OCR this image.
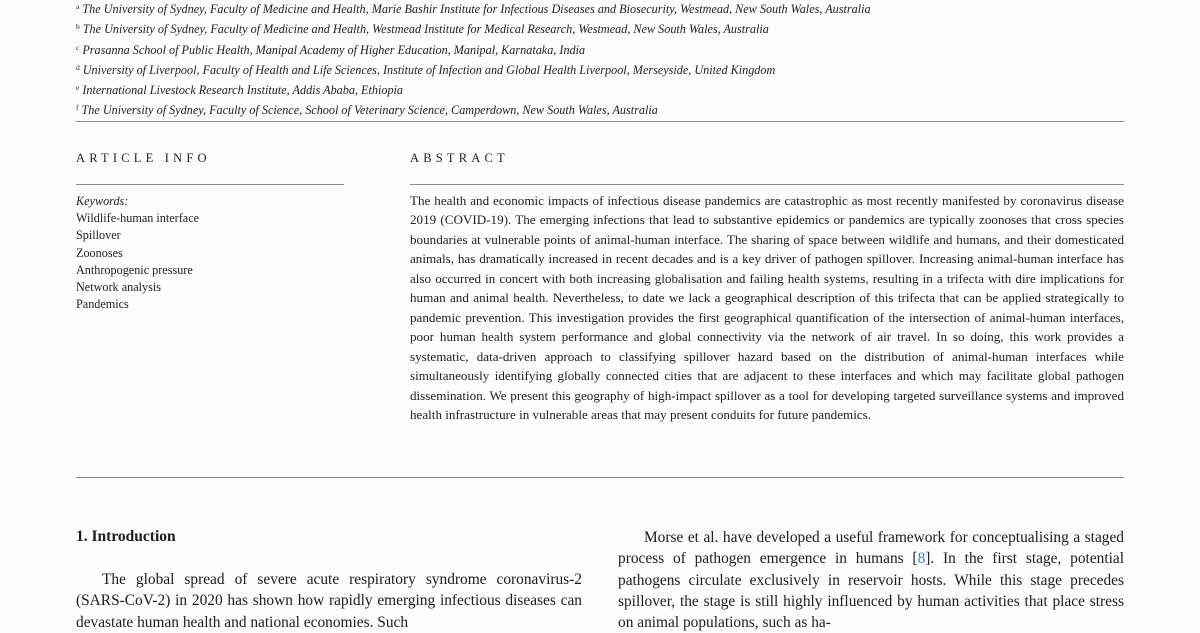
$^a$ The University of Sydney, Faculty of Medicine and Health, Marie Bashir Institute for Infectious Diseases and Biosecurity, Westmead, New South Wales, Australia
$^b$ The University of Sydney, Faculty of Medicine and Health, Westmead Institute for Medical Research, Westmead, New South Wales, Australia
$^c$ Prasanna School of Public Health, Manipal Academy of Higher Education, Manipal, Karnataka, India
$^d$ University of Liverpool, Faculty of Health and Life Sciences, Institute of Infection and Global Health Liverpool, Merseyside, United Kingdom
$^e$ International Livestock Research Institute, Addis Ababa, Ethiopia
$^f$ The University of Sydney, Faculty of Science, School of Veterinary Science, Camperdown, New South Wales, Australia
ARTICLE INFO	ABSTRACT
Keywords:
Wildlife-human interface
Spillover
Zoonoses
Anthropogenic pressure
Network analysis
Pandemics
The health and economic impacts of infectious disease pandemics are catastrophic as most recently manifested by coronavirus disease 2019 (COVID-19). The emerging infections that lead to substantive epidemics or pandemics are typically zoonoses that cross species boundaries at vulnerable points of animal-human interface. The sharing of space between wildlife and humans, and their domesticated animals, has dramatically increased in recent decades and is a key driver of pathogen spillover. Increasing animal-human interface has also occurred in concert with both increasing globalisation and failing health systems, resulting in a trifecta with dire implications for human and animal health. Nevertheless, to date we lack a geographical description of this trifecta that can be applied strategically to pandemic prevention. This investigation provides the first geographical quantification of the intersection of animal-human interfaces, poor human health system performance and global connectivity via the network of air travel. In so doing, this work provides a systematic, data-driven approach to classifying spillover hazard based on the distribution of animal-human interfaces while simultaneously identifying globally connected cities that are adjacent to these interfaces and which may facilitate global pathogen dissemination. We present this geography of high-impact spillover as a tool for developing targeted surveillance systems and improved health infrastructure in vulnerable areas that may present conduits for future pandemics.
1. Introduction
The global spread of severe acute respiratory syndrome coronavirus-2 (SARS-CoV-2) in 2020 has shown how rapidly emerging infectious diseases can devastate human health and national economies. Such
Morse et al. have developed a useful framework for conceptualising a staged process of pathogen emergence in humans [8]. In the first stage, potential pathogens circulate exclusively in reservoir hosts. While this stage precedes spillover, the stage is still highly influenced by human activities that place stress on animal populations, such as ha-
